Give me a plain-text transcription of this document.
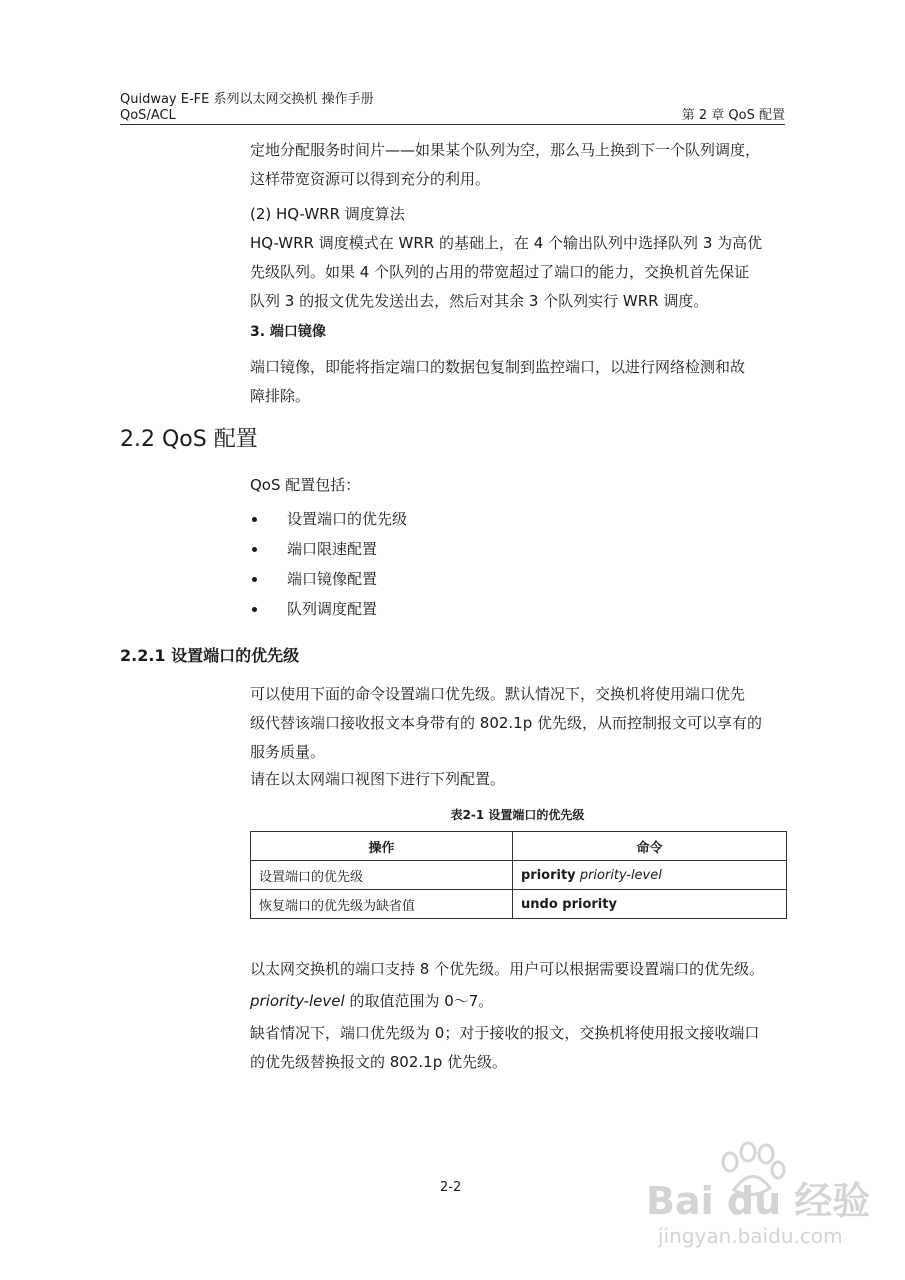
Quidway E-FE 系列以太网交换机 操作手册
QoS/ACL	第 2 章 QoS 配置
定地分配服务时间片——如果某个队列为空，那么马上换到下一个队列调度，
这样带宽资源可以得到充分的利用。
(2) HQ-WRR 调度算法
HQ-WRR 调度模式在 WRR 的基础上，在 4 个输出队列中选择队列 3 为高优
先级队列。如果 4 个队列的占用的带宽超过了端口的能力，交换机首先保证
队列 3 的报文优先发送出去，然后对其余 3 个队列实行 WRR 调度。
3. 端口镜像
端口镜像，即能将指定端口的数据包复制到监控端口，以进行网络检测和故
障排除。
2.2 QoS 配置
QoS 配置包括：
设置端口的优先级
端口限速配置
端口镜像配置
队列调度配置
2.2.1 设置端口的优先级
可以使用下面的命令设置端口优先级。默认情况下，交换机将使用端口优先
级代替该端口接收报文本身带有的 802.1p 优先级，从而控制报文可以享有的
服务质量。
请在以太网端口视图下进行下列配置。
表2-1 设置端口的优先级
操作	命令
设置端口的优先级	priority priority-level
恢复端口的优先级为缺省值	undo priority
以太网交换机的端口支持 8 个优先级。用户可以根据需要设置端口的优先级。
priority-level 的取值范围为 0～7。
缺省情况下，端口优先级为 0；对于接收的报文，交换机将使用报文接收端口
的优先级替换报文的 802.1p 优先级。
2-2	Bai du 经验
jingyan.baidu.com
